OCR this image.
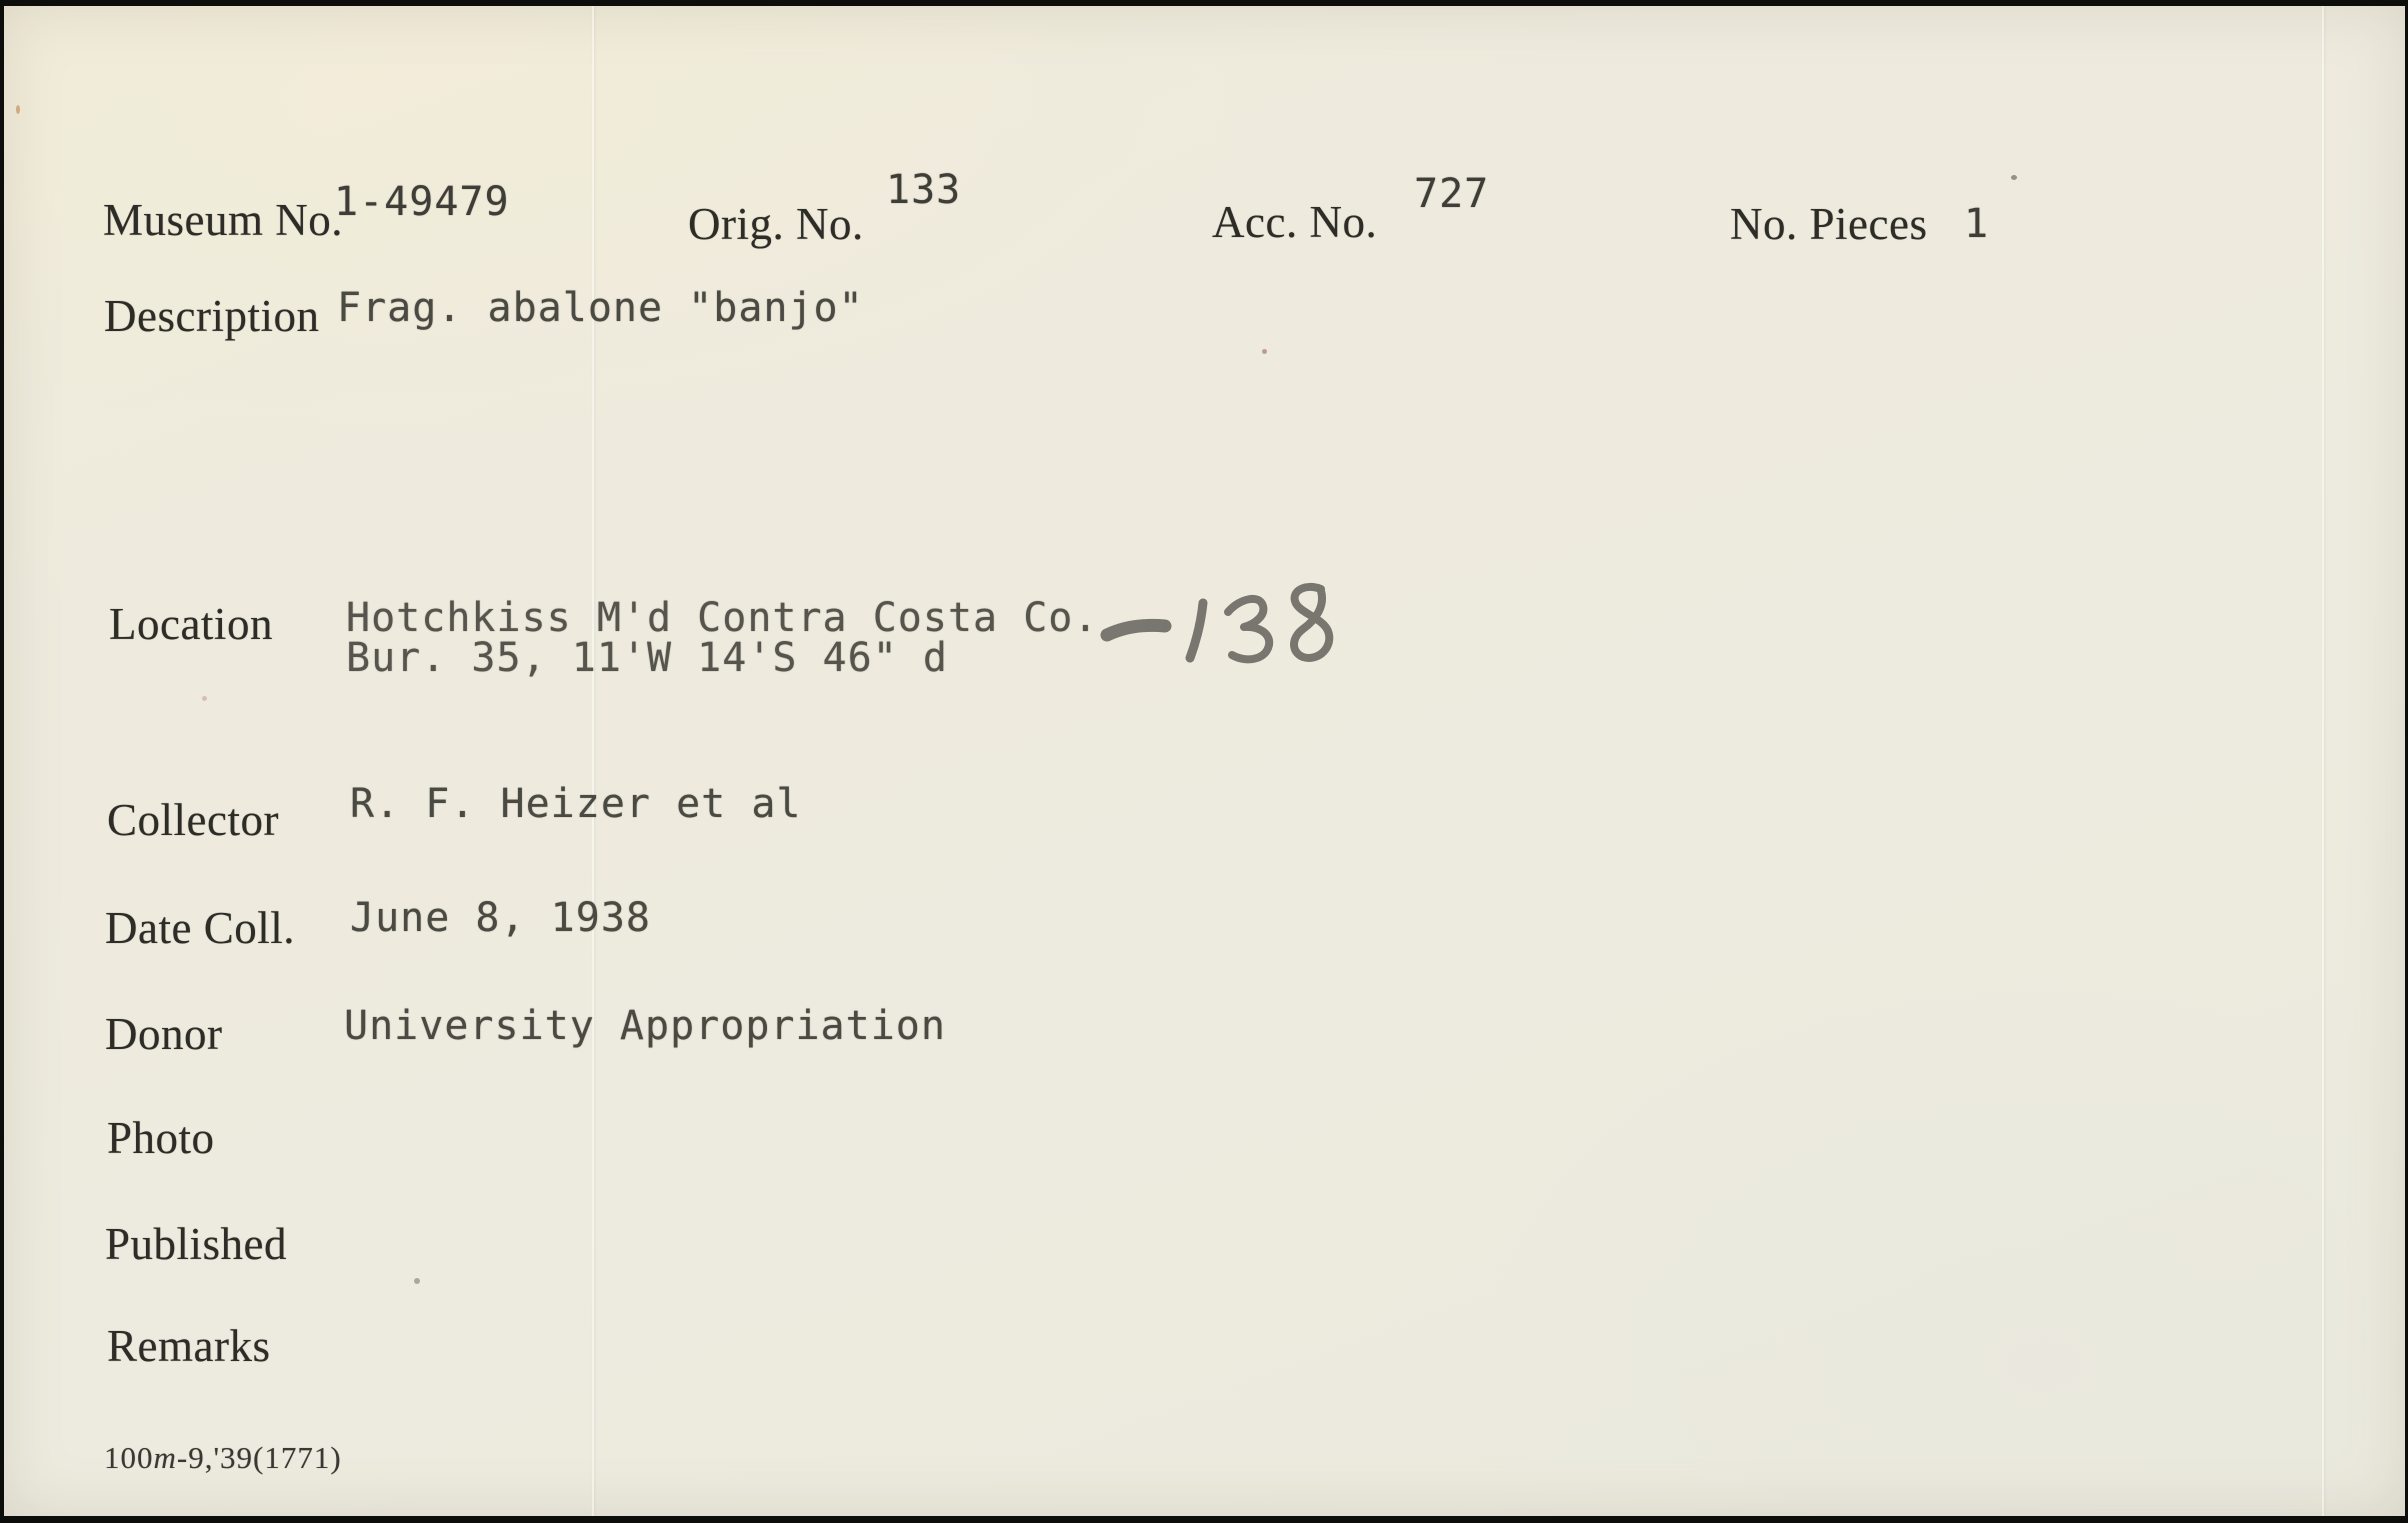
Museum No.
1-49479	Orig. No.
133
Acc. No.
727
No. Pieces 1
Description Frag. abalone "banjo"
Location Hotchkiss M'd Contra Costa Co.
Bur. 35, 11'W 14'S 46" d
Collector R. F. Heizer et al
Date Coll. June 8, 1938
Donor	University Appropriation
Photo
Published
Remarks
100m-9,'39(1771)
